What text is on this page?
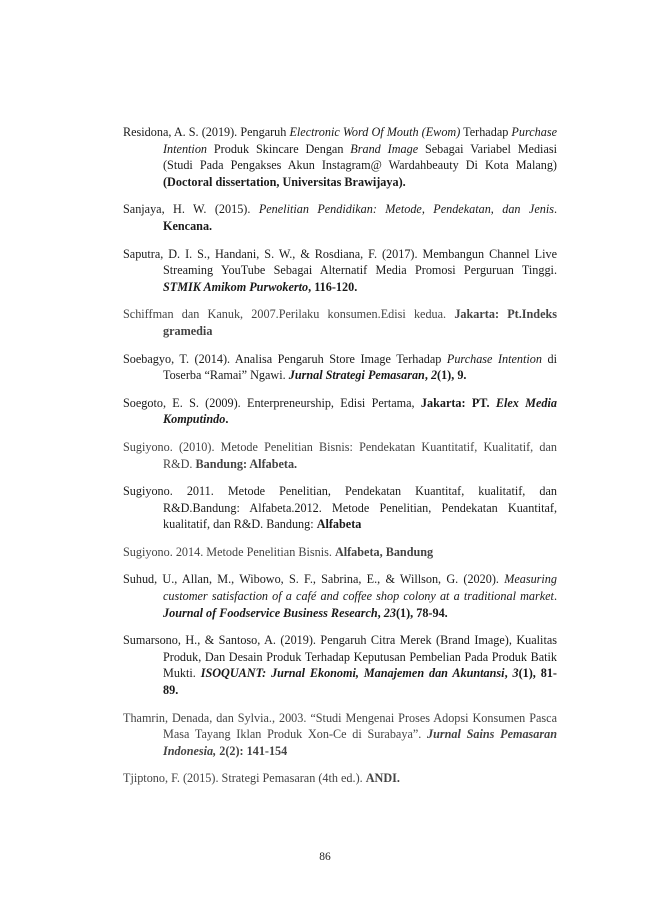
Residona, A. S. (2019). Pengaruh Electronic Word Of Mouth (Ewom) Terhadap Purchase Intention Produk Skincare Dengan Brand Image Sebagai Variabel Mediasi (Studi Pada Pengakses Akun Instagram@ Wardahbeauty Di Kota Malang) (Doctoral dissertation, Universitas Brawijaya).

Sanjaya, H. W. (2015). Penelitian Pendidikan: Metode, Pendekatan, dan Jenis. Kencana.

Saputra, D. I. S., Handani, S. W., & Rosdiana, F. (2017). Membangun Channel Live Streaming YouTube Sebagai Alternatif Media Promosi Perguruan Tinggi. STMIK Amikom Purwokerto, 116-120.

Schiffman dan Kanuk, 2007.Perilaku konsumen.Edisi kedua. Jakarta: Pt.Indeks gramedia

Soebagyo, T. (2014). Analisa Pengaruh Store Image Terhadap Purchase Intention di Toserba “Ramai” Ngawi. Jurnal Strategi Pemasaran, 2(1), 9.

Soegoto, E. S. (2009). Enterpreneurship, Edisi Pertama, Jakarta: PT. Elex Media Komputindo.

Sugiyono. (2010). Metode Penelitian Bisnis: Pendekatan Kuantitatif, Kualitatif, dan R&D. Bandung: Alfabeta.

Sugiyono. 2011. Metode Penelitian, Pendekatan Kuantitaf, kualitatif, dan R&D.Bandung: Alfabeta.2012. Metode Penelitian, Pendekatan Kuantitaf, kualitatif, dan R&D. Bandung: Alfabeta

Sugiyono. 2014. Metode Penelitian Bisnis. Alfabeta, Bandung

Suhud, U., Allan, M., Wibowo, S. F., Sabrina, E., & Willson, G. (2020). Measuring customer satisfaction of a café and coffee shop colony at a traditional market. Journal of Foodservice Business Research, 23(1), 78-94.

Sumarsono, H., & Santoso, A. (2019). Pengaruh Citra Merek (Brand Image), Kualitas Produk, Dan Desain Produk Terhadap Keputusan Pembelian Pada Produk Batik Mukti. ISOQUANT: Jurnal Ekonomi, Manajemen dan Akuntansi, 3(1), 81-89.

Thamrin, Denada, dan Sylvia., 2003. “Studi Mengenai Proses Adopsi Konsumen Pasca Masa Tayang Iklan Produk Xon-Ce di Surabaya”. Jurnal Sains Pemasaran Indonesia, 2(2): 141-154

Tjiptono, F. (2015). Strategi Pemasaran (4th ed.). ANDI.

86
